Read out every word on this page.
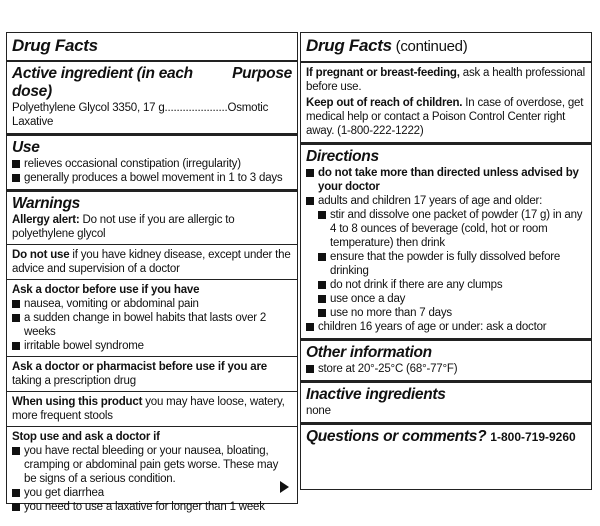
Drug Facts
Active ingredient (in each dose)
Purpose
Polyethylene Glycol 3350, 17 g.....................Osmotic Laxative
Use
relieves occasional constipation (irregularity)
generally produces a bowel movement in 1 to 3 days
Warnings
Allergy alert: Do not use if you are allergic to polyethylene glycol
Do not use if you have kidney disease, except under the advice and supervision of a doctor
Ask a doctor before use if you have
nausea, vomiting or abdominal pain
a sudden change in bowel habits that lasts over 2 weeks
irritable bowel syndrome
Ask a doctor or pharmacist before use if you are taking a prescription drug
When using this product you may have loose, watery, more frequent stools
Stop use and ask a doctor if
you have rectal bleeding or your nausea, bloating, cramping or abdominal pain gets worse. These may be signs of a serious condition.
you get diarrhea
you need to use a laxative for longer than 1 week
Drug Facts (continued)
If pregnant or breast-feeding, ask a health professional before use.
Keep out of reach of children. In case of overdose, get medical help or contact a Poison Control Center right away. (1-800-222-1222)
Directions
do not take more than directed unless advised by your doctor
adults and children 17 years of age and older:
stir and dissolve one packet of powder (17 g) in any 4 to 8 ounces of beverage (cold, hot or room temperature) then drink
ensure that the powder is fully dissolved before drinking
do not drink if there are any clumps
use once a day
use no more than 7 days
children 16 years of age or under: ask a doctor
Other information
store at 20°-25°C (68°-77°F)
Inactive ingredients
none
Questions or comments? 1-800-719-9260
